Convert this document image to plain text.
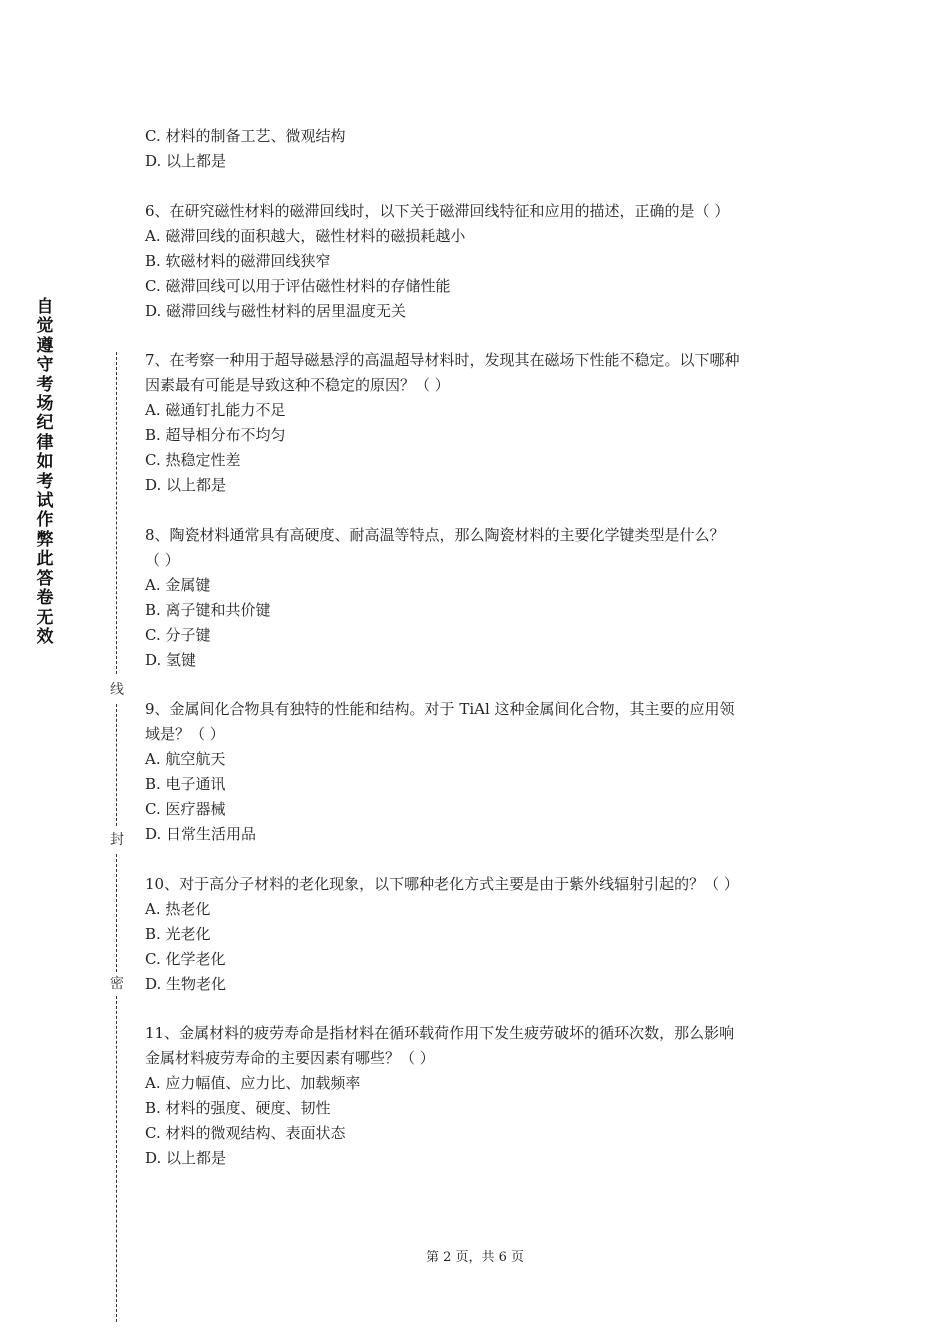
自觉遵守考场纪律如考试作弊此答卷无效
线
封
密
C. 材料的制备工艺、微观结构
D. 以上都是
6、在研究磁性材料的磁滞回线时，以下关于磁滞回线特征和应用的描述，正确的是（ ）
A. 磁滞回线的面积越大，磁性材料的磁损耗越小
B. 软磁材料的磁滞回线狭窄
C. 磁滞回线可以用于评估磁性材料的存储性能
D. 磁滞回线与磁性材料的居里温度无关
7、在考察一种用于超导磁悬浮的高温超导材料时，发现其在磁场下性能不稳定。以下哪种
因素最有可能是导致这种不稳定的原因？（ ）
A. 磁通钉扎能力不足
B. 超导相分布不均匀
C. 热稳定性差
D. 以上都是
8、陶瓷材料通常具有高硬度、耐高温等特点，那么陶瓷材料的主要化学键类型是什么？
（ ）
A. 金属键
B. 离子键和共价键
C. 分子键
D. 氢键
9、金属间化合物具有独特的性能和结构。对于 TiAl 这种金属间化合物，其主要的应用领
域是？（ ）
A. 航空航天
B. 电子通讯
C. 医疗器械
D. 日常生活用品
10、对于高分子材料的老化现象，以下哪种老化方式主要是由于紫外线辐射引起的？（ ）
A. 热老化
B. 光老化
C. 化学老化
D. 生物老化
11、金属材料的疲劳寿命是指材料在循环载荷作用下发生疲劳破坏的循环次数，那么影响
金属材料疲劳寿命的主要因素有哪些？（ ）
A. 应力幅值、应力比、加载频率
B. 材料的强度、硬度、韧性
C. 材料的微观结构、表面状态
D. 以上都是
第 2 页，共 6 页
